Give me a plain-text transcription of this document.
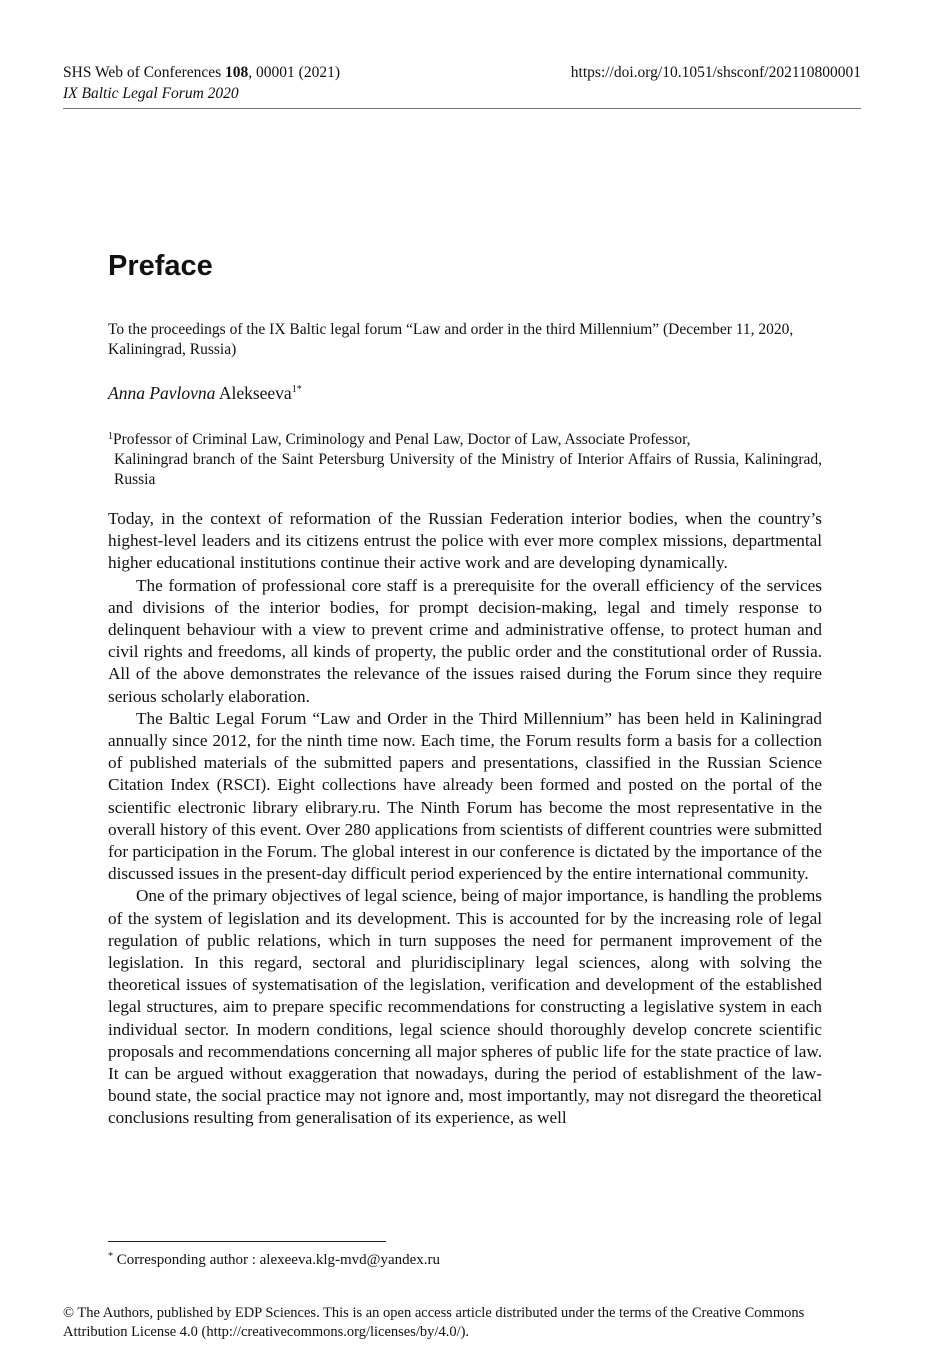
SHS Web of Conferences 108, 00001 (2021)	https://doi.org/10.1051/shsconf/202110800001
IX Baltic Legal Forum 2020
Preface
To the proceedings of the IX Baltic legal forum “Law and order in the third Millennium” (December 11, 2020, Kaliningrad, Russia)
Anna Pavlovna Alekseeva$^{1*}$
$^1$Professor of Criminal Law, Criminology and Penal Law, Doctor of Law, Associate Professor,
Kaliningrad branch of the Saint Petersburg University of the Ministry of Interior Affairs of Russia, Kaliningrad, Russia

Today, in the context of reformation of the Russian Federation interior bodies, when the country’s highest-level leaders and its citizens entrust the police with ever more complex missions, departmental higher educational institutions continue their active work and are developing dynamically.

The formation of professional core staff is a prerequisite for the overall efficiency of the services and divisions of the interior bodies, for prompt decision-making, legal and timely response to delinquent behaviour with a view to prevent crime and administrative offense, to protect human and civil rights and freedoms, all kinds of property, the public order and the constitutional order of Russia. All of the above demonstrates the relevance of the issues raised during the Forum since they require serious scholarly elaboration.

The Baltic Legal Forum “Law and Order in the Third Millennium” has been held in Kaliningrad annually since 2012, for the ninth time now. Each time, the Forum results form a basis for a collection of published materials of the submitted papers and presentations, classified in the Russian Science Citation Index (RSCI). Eight collections have already been formed and posted on the portal of the scientific electronic library elibrary.ru. The Ninth Forum has become the most representative in the overall history of this event. Over 280 applications from scientists of different countries were submitted for participation in the Forum. The global interest in our conference is dictated by the importance of the discussed issues in the present-day difficult period experienced by the entire international community.

One of the primary objectives of legal science, being of major importance, is handling the problems of the system of legislation and its development. This is accounted for by the increasing role of legal regulation of public relations, which in turn supposes the need for permanent improvement of the legislation. In this regard, sectoral and pluridisciplinary legal sciences, along with solving the theoretical issues of systematisation of the legislation, verification and development of the established legal structures, aim to prepare specific recommendations for constructing a legislative system in each individual sector. In modern conditions, legal science should thoroughly develop concrete scientific proposals and recommendations concerning all major spheres of public life for the state practice of law. It can be argued without exaggeration that nowadays, during the period of establishment of the law-bound state, the social practice may not ignore and, most importantly, may not disregard the theoretical conclusions resulting from generalisation of its experience, as well

* Corresponding author : alexeeva.klg-mvd@yandex.ru
© The Authors, published by EDP Sciences. This is an open access article distributed under the terms of the Creative Commons Attribution License 4.0 (http://creativecommons.org/licenses/by/4.0/).
